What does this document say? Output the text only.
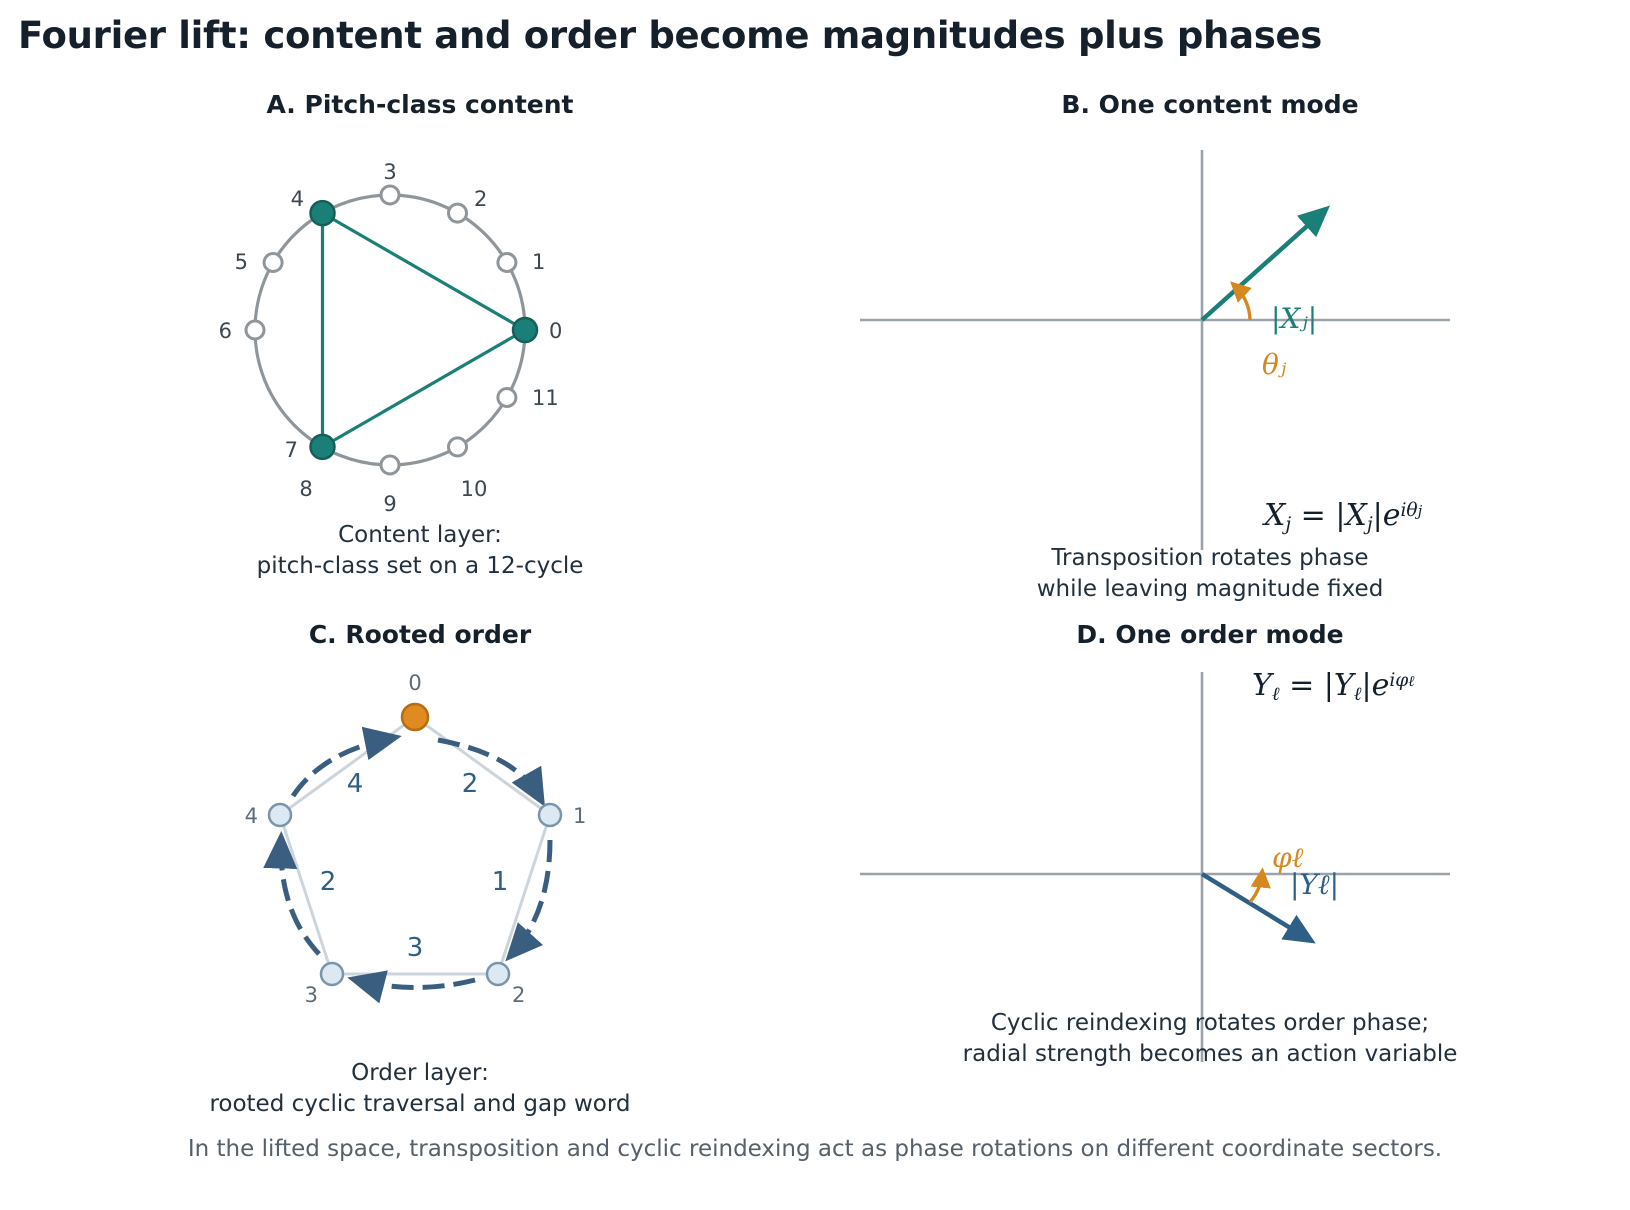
Fourier lift: content and order become magnitudes plus phases
A. Pitch-class content
0
1
2
3
4
5
6
7
8
9
10
11
Content layer:
pitch-class set on a 12-cycle
B. One content mode
|Xⱼ|
θⱼ
$X_j = |X_j|e^{i\theta j}$
Transposition rotates phase
while leaving magnitude fixed
C. Rooted order
0
1
2
3
4
2
1
3
2
4
Order layer:
rooted cyclic traversal and gap word
D. One order mode
$Y_\ell = |Y_\ell|e^{i\varphi\ell}$
φℓ
|Yℓ|
Cyclic reindexing rotates order phase;
radial strength becomes an action variable
In the lifted space, transposition and cyclic reindexing act as phase rotations on different coordinate sectors.
